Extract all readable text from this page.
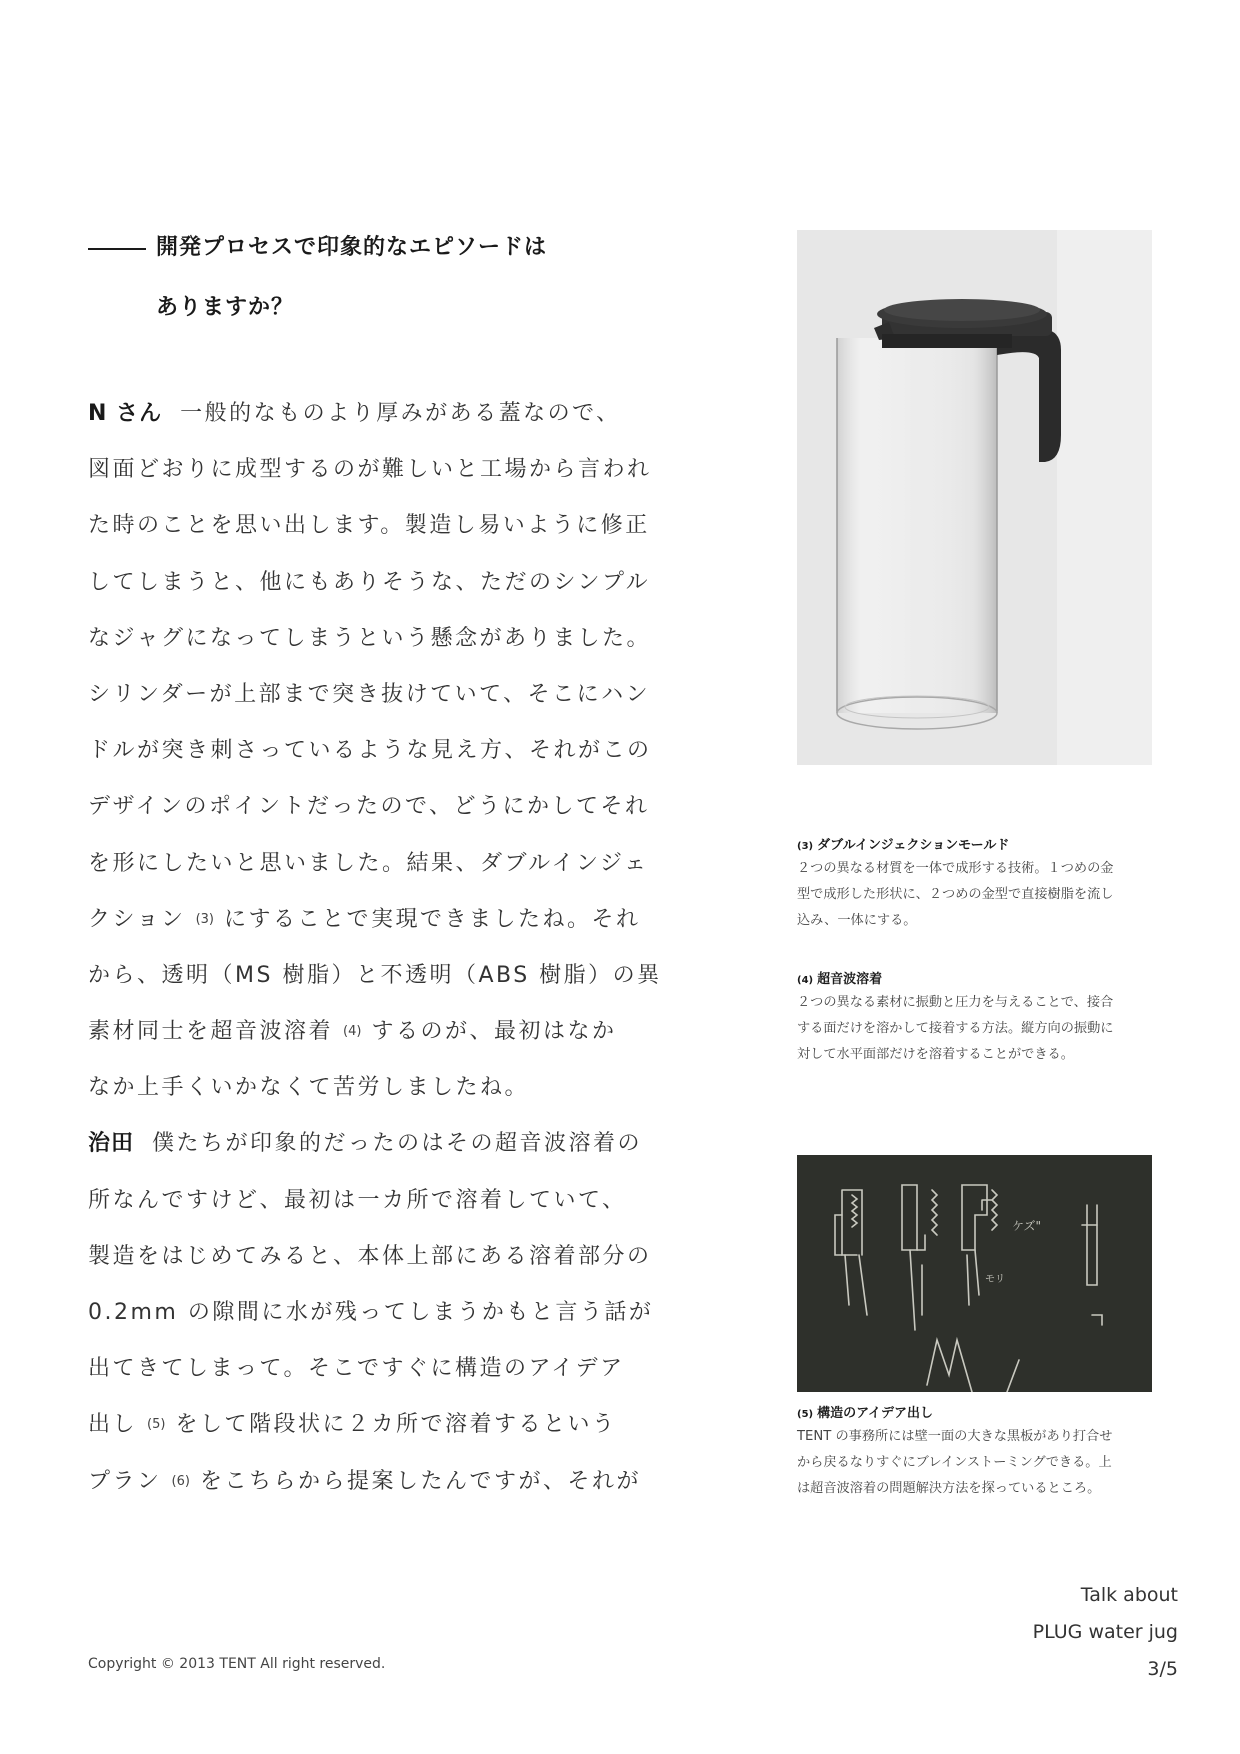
開発プロセスで印象的なエピソードは
ありますか？
N さん 一般的なものより厚みがある蓋なので、
図面どおりに成型するのが難しいと工場から言われ
た時のことを思い出します。製造し易いように修正
してしまうと、他にもありそうな、ただのシンプル
なジャグになってしまうという懸念がありました。
シリンダーが上部まで突き抜けていて、そこにハン
ドルが突き刺さっているような見え方、それがこの
デザインのポイントだったので、どうにかしてそれ
を形にしたいと思いました。結果、ダブルインジェ
クション (3) にすることで実現できましたね。それ
から、透明（MS 樹脂）と不透明（ABS 樹脂）の異
素材同士を超音波溶着 (4) するのが、最初はなか
なか上手くいかなくて苦労しましたね。
治田 僕たちが印象的だったのはその超音波溶着の
所なんですけど、最初は一カ所で溶着していて、
製造をはじめてみると、本体上部にある溶着部分の
0.2mm の隙間に水が残ってしまうかもと言う話が
出てきてしまって。そこですぐに構造のアイデア
出し (5) をして階段状に２カ所で溶着するという
プラン (6) をこちらから提案したんですが、それが
(3) ダブルインジェクションモールド
２つの異なる材質を一体で成形する技術。１つめの金
型で成形した形状に、２つめの金型で直接樹脂を流し
込み、一体にする。
(4) 超音波溶着
２つの異なる素材に振動と圧力を与えることで、接合
する面だけを溶かして接着する方法。縦方向の振動に
対して水平面部だけを溶着することができる。
ケズ"
モリ
(5) 構造のアイデア出し
TENT の事務所には壁一面の大きな黒板があり打合せ
から戻るなりすぐにブレインストーミングできる。上
は超音波溶着の問題解決方法を探っているところ。
Talk about
PLUG water jug
3/5
Copyright © 2013 TENT All right reserved.
